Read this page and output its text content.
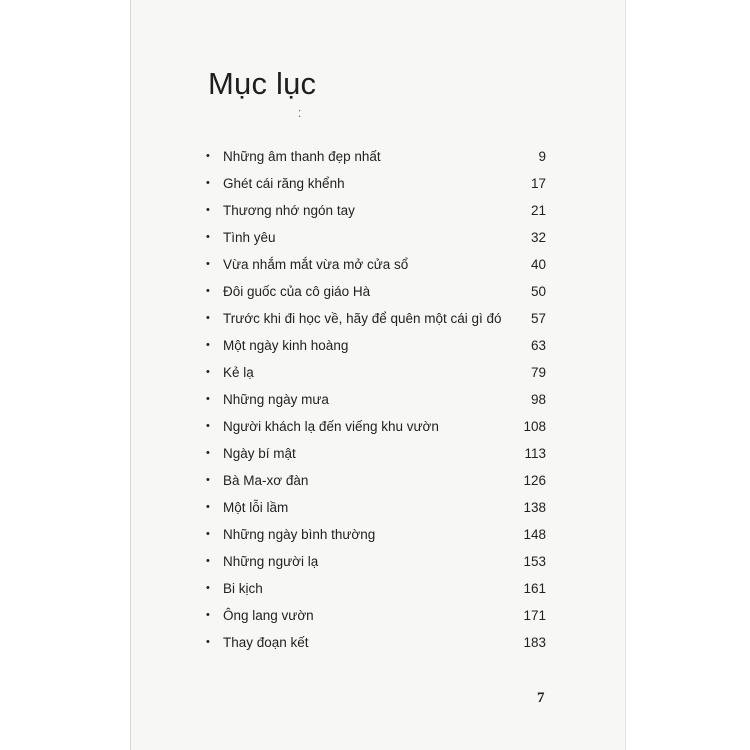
Mục lục
⁚
• Những âm thanh đẹp nhất	9
• Ghét cái răng khểnh	17
• Thương nhớ ngón tay	21
• Tình yêu	32
• Vừa nhắm mắt vừa mở cửa sổ	40
• Đôi guốc của cô giáo Hà	50
• Trước khi đi học về, hãy để quên một cái gì đó 57
• Một ngày kinh hoàng	63
• Kẻ lạ	79
• Những ngày mưa	98
• Người khách lạ đến viếng khu vườn	108
• Ngày bí mật	113
• Bà Ma-xơ đàn	126
• Một lỗi lầm	138
• Những ngày bình thường	148
• Những người lạ	153
• Bi kịch	161
• Ông lang vườn	171
• Thay đoạn kết	183
7
